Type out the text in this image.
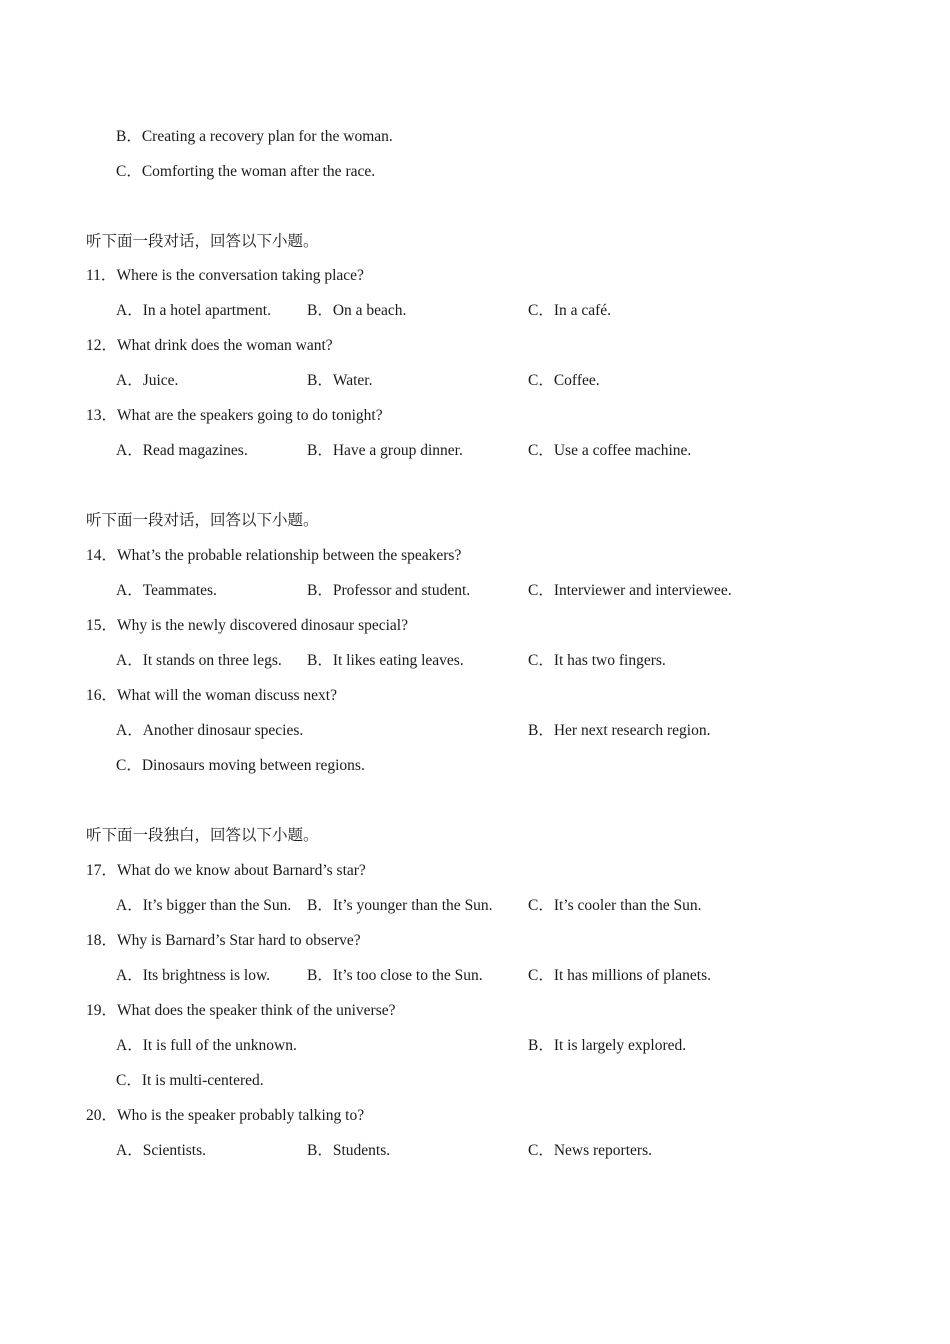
B．Creating a recovery plan for the woman.
C．Comforting the woman after the race.
听下面一段对话，回答以下小题。
11．Where is the conversation taking place?
A．In a hotel apartment. B．On a beach.	C．In a café.
12．What drink does the woman want?
A．Juice.	B．Water.	C．Coffee.
13．What are the speakers going to do tonight?
A．Read magazines.	B．Have a group dinner.	C．Use a coffee machine.
听下面一段对话，回答以下小题。
14．What’s the probable relationship between the speakers?
A．Teammates.	B．Professor and student.	C．Interviewer and interviewee.
15．Why is the newly discovered dinosaur special?
A．It stands on three legs. B．It likes eating leaves.	C．It has two fingers.
16．What will the woman discuss next?
A．Another dinosaur species.	B．Her next research region.
C．Dinosaurs moving between regions.
听下面一段独白，回答以下小题。
17．What do we know about Barnard’s star?
A．It’s bigger than the Sun. B．It’s younger than the Sun. C．It’s cooler than the Sun.
18．Why is Barnard’s Star hard to observe?
A．Its brightness is low. B．It’s too close to the Sun.	C．It has millions of planets.
19．What does the speaker think of the universe?
A．It is full of the unknown.	B．It is largely explored.
C．It is multi-centered.
20．Who is the speaker probably talking to?
A．Scientists.	B．Students.	C．News reporters.
